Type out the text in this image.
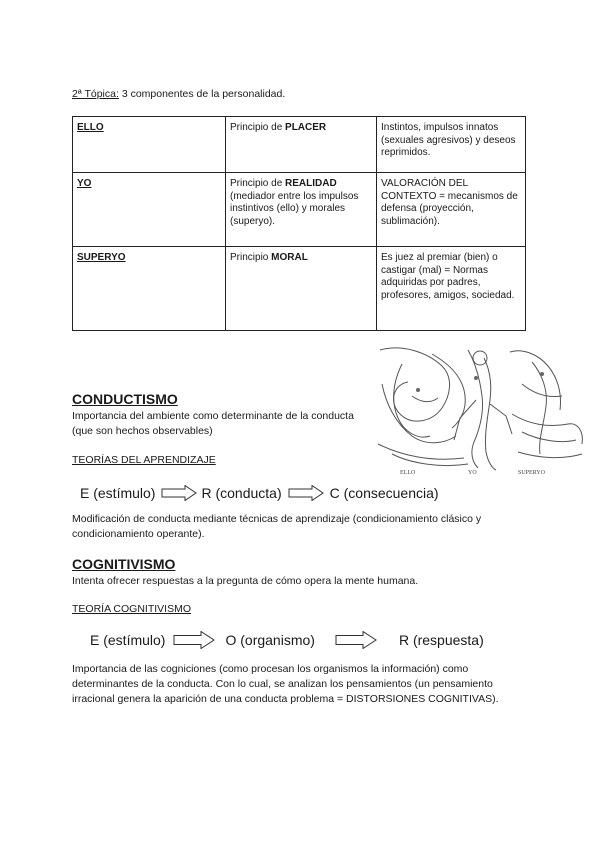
2ª Tópica: 3 componentes de la personalidad.
ELLO	Principio de PLACER	Instintos, impulsos innatos (sexuales agresivos) y deseos reprimidos.
YO	Principio de REALIDAD (mediador entre los impulsos instintivos (ello) y morales (superyo).	VALORACIÓN DEL CONTEXTO = mecanismos de defensa (proyección, sublimación).
SUPERYO	Principio MORAL	Es juez al premiar (bien) o castigar (mal) = Normas adquiridas por padres, profesores, amigos, sociedad.
ELLO	YO	SUPERYO
CONDUCTISMO

Importancia del ambiente como determinante de la conducta (que son hechos observables)

TEORÍAS DEL APRENDIZAJE
E (estímulo)	R (conducta)	C (consecuencia)

Modificación de conducta mediante técnicas de aprendizaje (condicionamiento clásico y condicionamiento operante).

COGNITIVISMO

Intenta ofrecer respuestas a la pregunta de cómo opera la mente humana.

TEORÍA COGNITIVISMO
E (estímulo)	O (organismo)	R (respuesta)

Importancia de las cogniciones (como procesan los organismos la información) como determinantes de la conducta. Con lo cual, se analizan los pensamientos (un pensamiento irracional genera la aparición de una conducta problema = DISTORSIONES COGNITIVAS).
